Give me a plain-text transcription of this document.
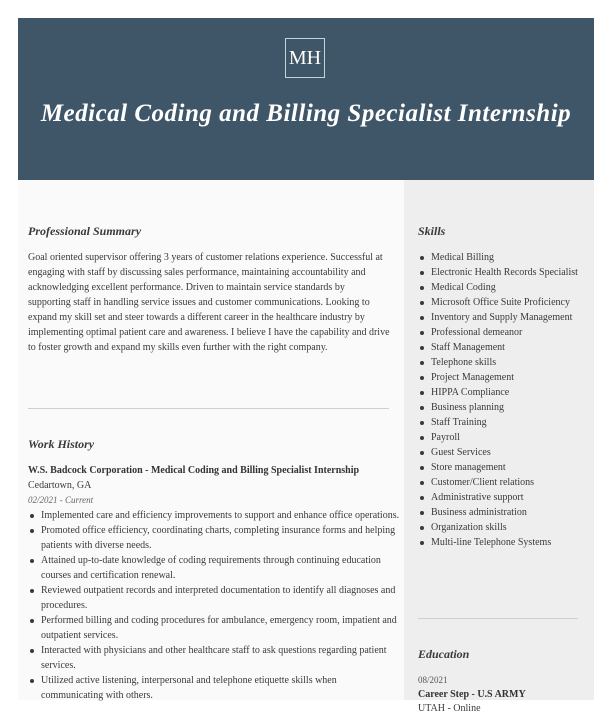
MH
Medical Coding and Billing Specialist Internship
Professional Summary

Goal oriented supervisor offering 3 years of customer relations experience. Successful at engaging with staff by discussing sales performance, maintaining accountability and acknowledging excellent performance. Driven to maintain service standards by supporting staff in handling service issues and customer communications. Looking to expand my skill set and steer towards a different career in the healthcare industry by implementing optimal patient care and awareness. I believe I have the capability and drive to foster growth and expand my skills even further with the right company.

Work History
W.S. Badcock Corporation - Medical Coding and Billing Specialist Internship
Cedartown, GA
02/2021 - Current
Implemented care and efficiency improvements to support and enhance office operations.
Promoted office efficiency, coordinating charts, completing insurance forms and helping patients with diverse needs.
Attained up-to-date knowledge of coding requirements through continuing education courses and certification renewal.
Reviewed outpatient records and interpreted documentation to identify all diagnoses and procedures.
Performed billing and coding procedures for ambulance, emergency room, impatient and outpatient services.
Interacted with physicians and other healthcare staff to ask questions regarding patient services.
Utilized active listening, interpersonal and telephone etiquette skills when communicating with others.
Skills
Medical Billing
Electronic Health Records Specialist
Medical Coding
Microsoft Office Suite Proficiency
Inventory and Supply Management
Professional demeanor
Staff Management
Telephone skills
Project Management
HIPPA Compliance
Business planning
Staff Training
Payroll
Guest Services
Store management
Customer/Client relations
Administrative support
Business administration
Organization skills
Multi-line Telephone Systems
Education
08/2021
Career Step - U.S ARMY
UTAH - Online
